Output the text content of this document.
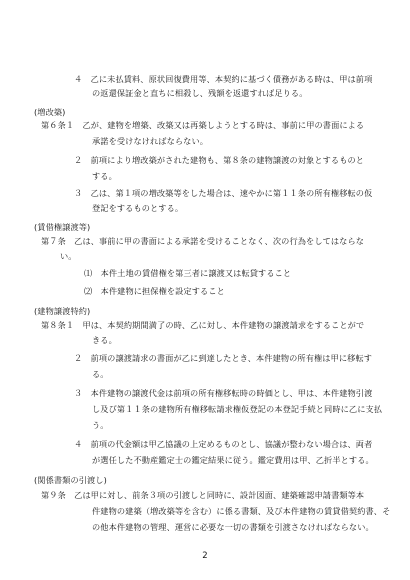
４　乙に未払賃料、原状回復費用等、本契約に基づく債務がある時は、甲は前項
の返還保証金と直ちに相殺し、残額を返還すれば足りる。
(増改築)
第６条１　乙が、建物を増築、改築又は再築しようとする時は、事前に甲の書面による
承諾を受けなければならない。
２　前項により増改築がされた建物も、第８条の建物譲渡の対象とするものと
する。
３　乙は、第１項の増改築等をした場合は、速やかに第１１条の所有権移転の仮
登記をするものとする。
(賃借権譲渡等)
第７条　乙は、事前に甲の書面による承諾を受けることなく、次の行為をしてはならな
い。
⑴　本件土地の賃借権を第三者に譲渡又は転貸すること
⑵　本件建物に担保権を設定すること
(建物譲渡特約)
第８条１　甲は、本契約期間満了の時、乙に対し、本件建物の譲渡請求をすることがで
きる。
２　前項の譲渡請求の書面が乙に到達したとき、本件建物の所有権は甲に移転す
る。
３　本件建物の譲渡代金は前項の所有権移転時の時価とし、甲は、本件建物引渡
し及び第１１条の建物所有権移転請求権仮登記の本登記手続と同時に乙に支払
う。
４　前項の代金額は甲乙協議の上定めるものとし、協議が整わない場合は、両者
が選任した不動産鑑定士の鑑定結果に従う。鑑定費用は甲、乙折半とする。
(関係書類の引渡し)
第９条　乙は甲に対し、前条３項の引渡しと同時に、設計図面、建築確認申請書類等本
件建物の建築（増改築等を含む）に係る書類、及び本件建物の賃貸借契約書、そ
の他本件建物の管理、運営に必要な一切の書類を引渡さなければならない。
2
